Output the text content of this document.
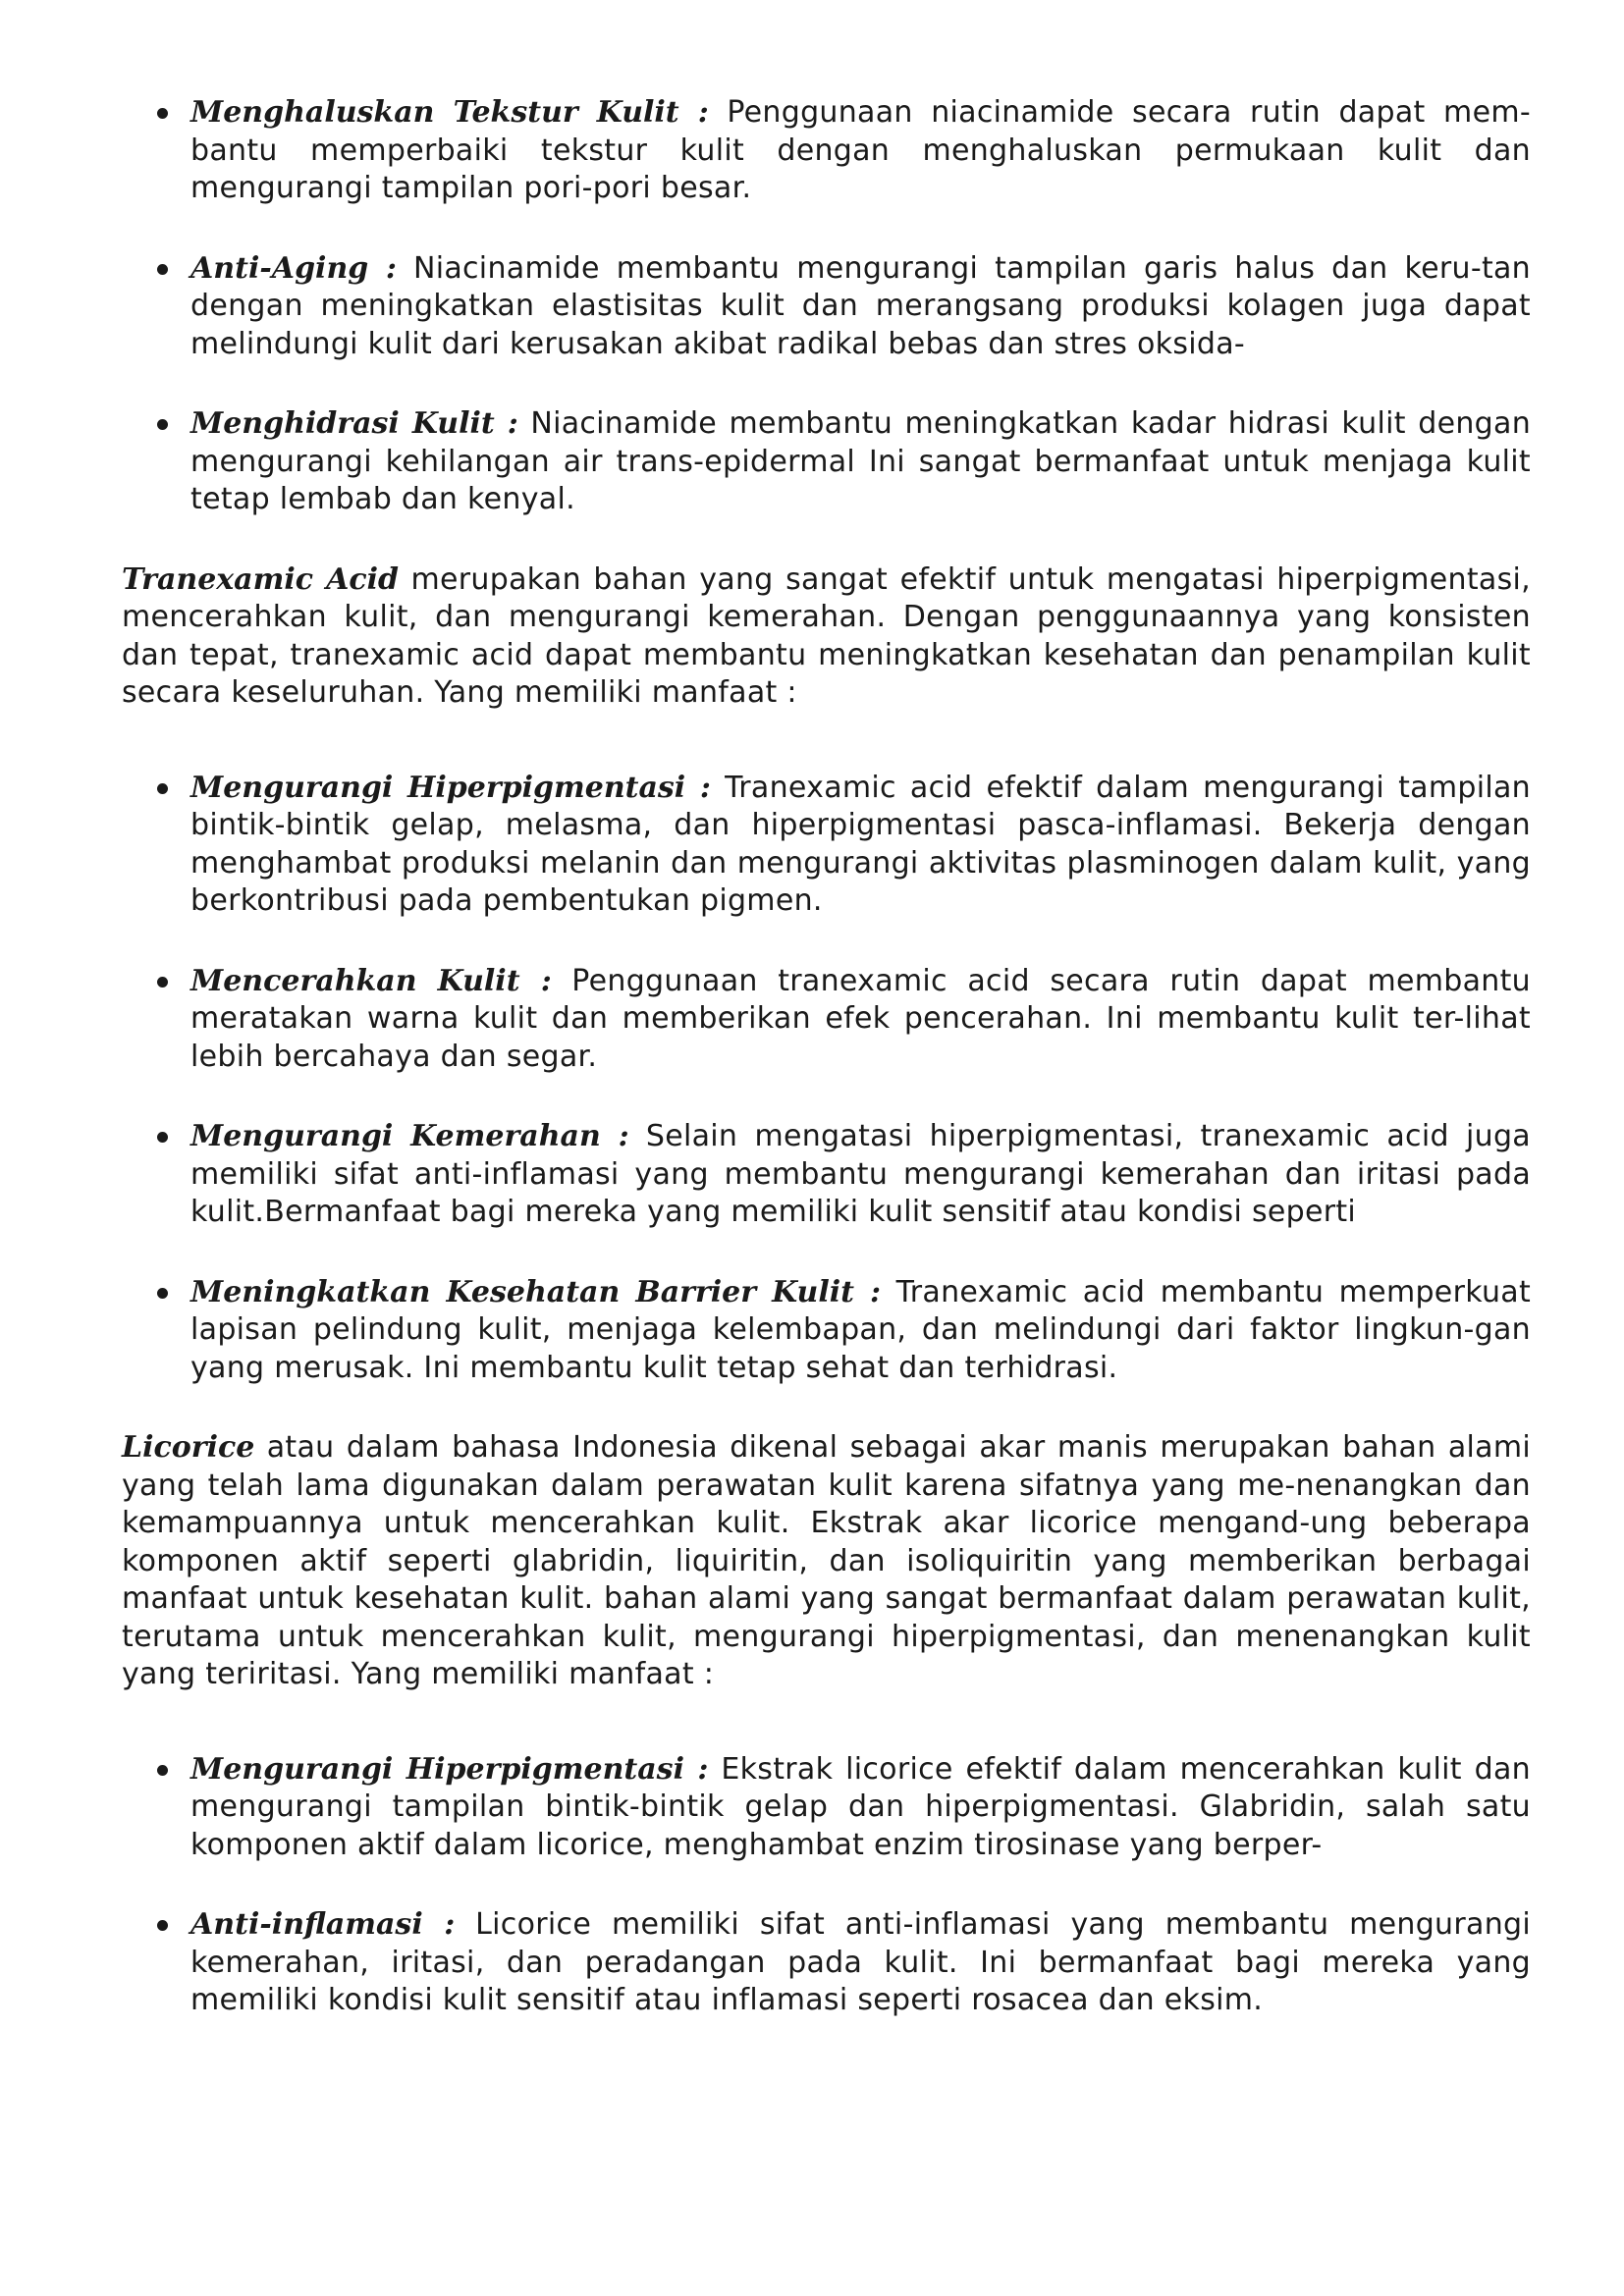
Menghaluskan Tekstur Kulit : Penggunaan niacinamide secara rutin dapat mem-bantu memperbaiki tekstur kulit dengan menghaluskan permukaan kulit dan mengurangi tampilan pori-pori besar.
Anti-Aging : Niacinamide membantu mengurangi tampilan garis halus dan keru-tan dengan meningkatkan elastisitas kulit dan merangsang produksi kolagen juga dapat melindungi kulit dari kerusakan akibat radikal bebas dan stres oksida-
Menghidrasi Kulit : Niacinamide membantu meningkatkan kadar hidrasi kulit dengan mengurangi kehilangan air trans-epidermal Ini sangat bermanfaat untuk menjaga kulit tetap lembab dan kenyal.

Tranexamic Acid merupakan bahan yang sangat efektif untuk mengatasi hiperpigmentasi, mencerahkan kulit, dan mengurangi kemerahan. Dengan penggunaannya yang konsisten dan tepat, tranexamic acid dapat membantu meningkatkan kesehatan dan penampilan kulit secara keseluruhan. Yang memiliki manfaat :

Mengurangi Hiperpigmentasi : Tranexamic acid efektif dalam mengurangi tampilan bintik-bintik gelap, melasma, dan hiperpigmentasi pasca-inflamasi. Bekerja dengan menghambat produksi melanin dan mengurangi aktivitas plasminogen dalam kulit, yang berkontribusi pada pembentukan pigmen.
Mencerahkan Kulit : Penggunaan tranexamic acid secara rutin dapat membantu meratakan warna kulit dan memberikan efek pencerahan. Ini membantu kulit ter-lihat lebih bercahaya dan segar.
Mengurangi Kemerahan : Selain mengatasi hiperpigmentasi, tranexamic acid juga memiliki sifat anti-inflamasi yang membantu mengurangi kemerahan dan iritasi pada kulit.Bermanfaat bagi mereka yang memiliki kulit sensitif atau kondisi seperti
Meningkatkan Kesehatan Barrier Kulit : Tranexamic acid membantu memperkuat lapisan pelindung kulit, menjaga kelembapan, dan melindungi dari faktor lingkun-gan yang merusak. Ini membantu kulit tetap sehat dan terhidrasi.

Licorice atau dalam bahasa Indonesia dikenal sebagai akar manis merupakan bahan alami yang telah lama digunakan dalam perawatan kulit karena sifatnya yang me-nenangkan dan kemampuannya untuk mencerahkan kulit. Ekstrak akar licorice mengand-ung beberapa komponen aktif seperti glabridin, liquiritin, dan isoliquiritin yang memberikan berbagai manfaat untuk kesehatan kulit. bahan alami yang sangat bermanfaat dalam perawatan kulit, terutama untuk mencerahkan kulit, mengurangi hiperpigmentasi, dan menenangkan kulit yang teriritasi. Yang memiliki manfaat :

Mengurangi Hiperpigmentasi : Ekstrak licorice efektif dalam mencerahkan kulit dan mengurangi tampilan bintik-bintik gelap dan hiperpigmentasi. Glabridin, salah satu komponen aktif dalam licorice, menghambat enzim tirosinase yang berper-
Anti-inflamasi : Licorice memiliki sifat anti-inflamasi yang membantu mengurangi kemerahan, iritasi, dan peradangan pada kulit. Ini bermanfaat bagi mereka yang memiliki kondisi kulit sensitif atau inflamasi seperti rosacea dan eksim.
